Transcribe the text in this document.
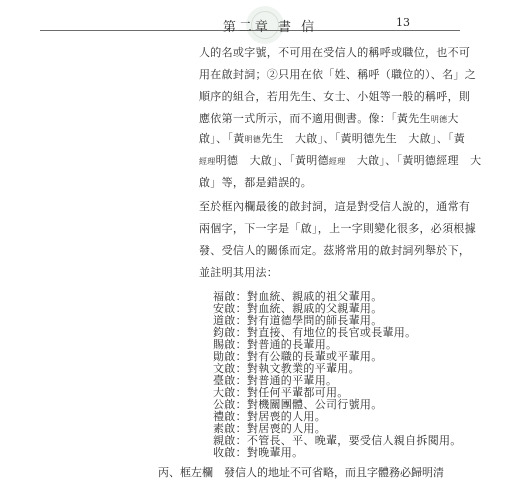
第二章 書 信	13
人的名或字號，不可用在受信人的稱呼或職位，也不可
用在啟封詞；②只用在依「姓、稱呼（職位的）、名」之
順序的組合，若用先生、女士、小姐等一般的稱呼，則
應依第一式所示，而不適用側書。像：「黃先生明德大
啟」、「黃明德先生　大啟」、「黃明德先生　大啟」、「黃
經理明德　大啟」、「黃明德經理　大啟」、「黃明德經理　大
啟」等，都是錯誤的。
至於框內欄最後的啟封詞，這是對受信人說的，通常有
兩個字，下一字是「啟」，上一字則變化很多，必須根據
發、受信人的關係而定。茲將常用的啟封詞列舉於下，
並註明其用法：
福啟：對血統、親戚的祖父輩用。
安啟：對血統、親戚的父親輩用。
道啟：對有道德學問的師長輩用。
鈞啟：對直接、有地位的長官或長輩用。
賜啟：對普通的長輩用。
勛啟：對有公職的長輩或平輩用。
文啟：對執文教業的平輩用。
臺啟：對普通的平輩用。
大啟：對任何平輩都可用。
公啟：對機關團體、公司行號用。
禮啟：對居喪的人用。
素啟：對居喪的人用。
親啟：不管長、平、晚輩，要受信人親自拆閱用。
收啟：對晚輩用。
丙、框左欄　發信人的地址不可省略，而且字體務必歸明清
